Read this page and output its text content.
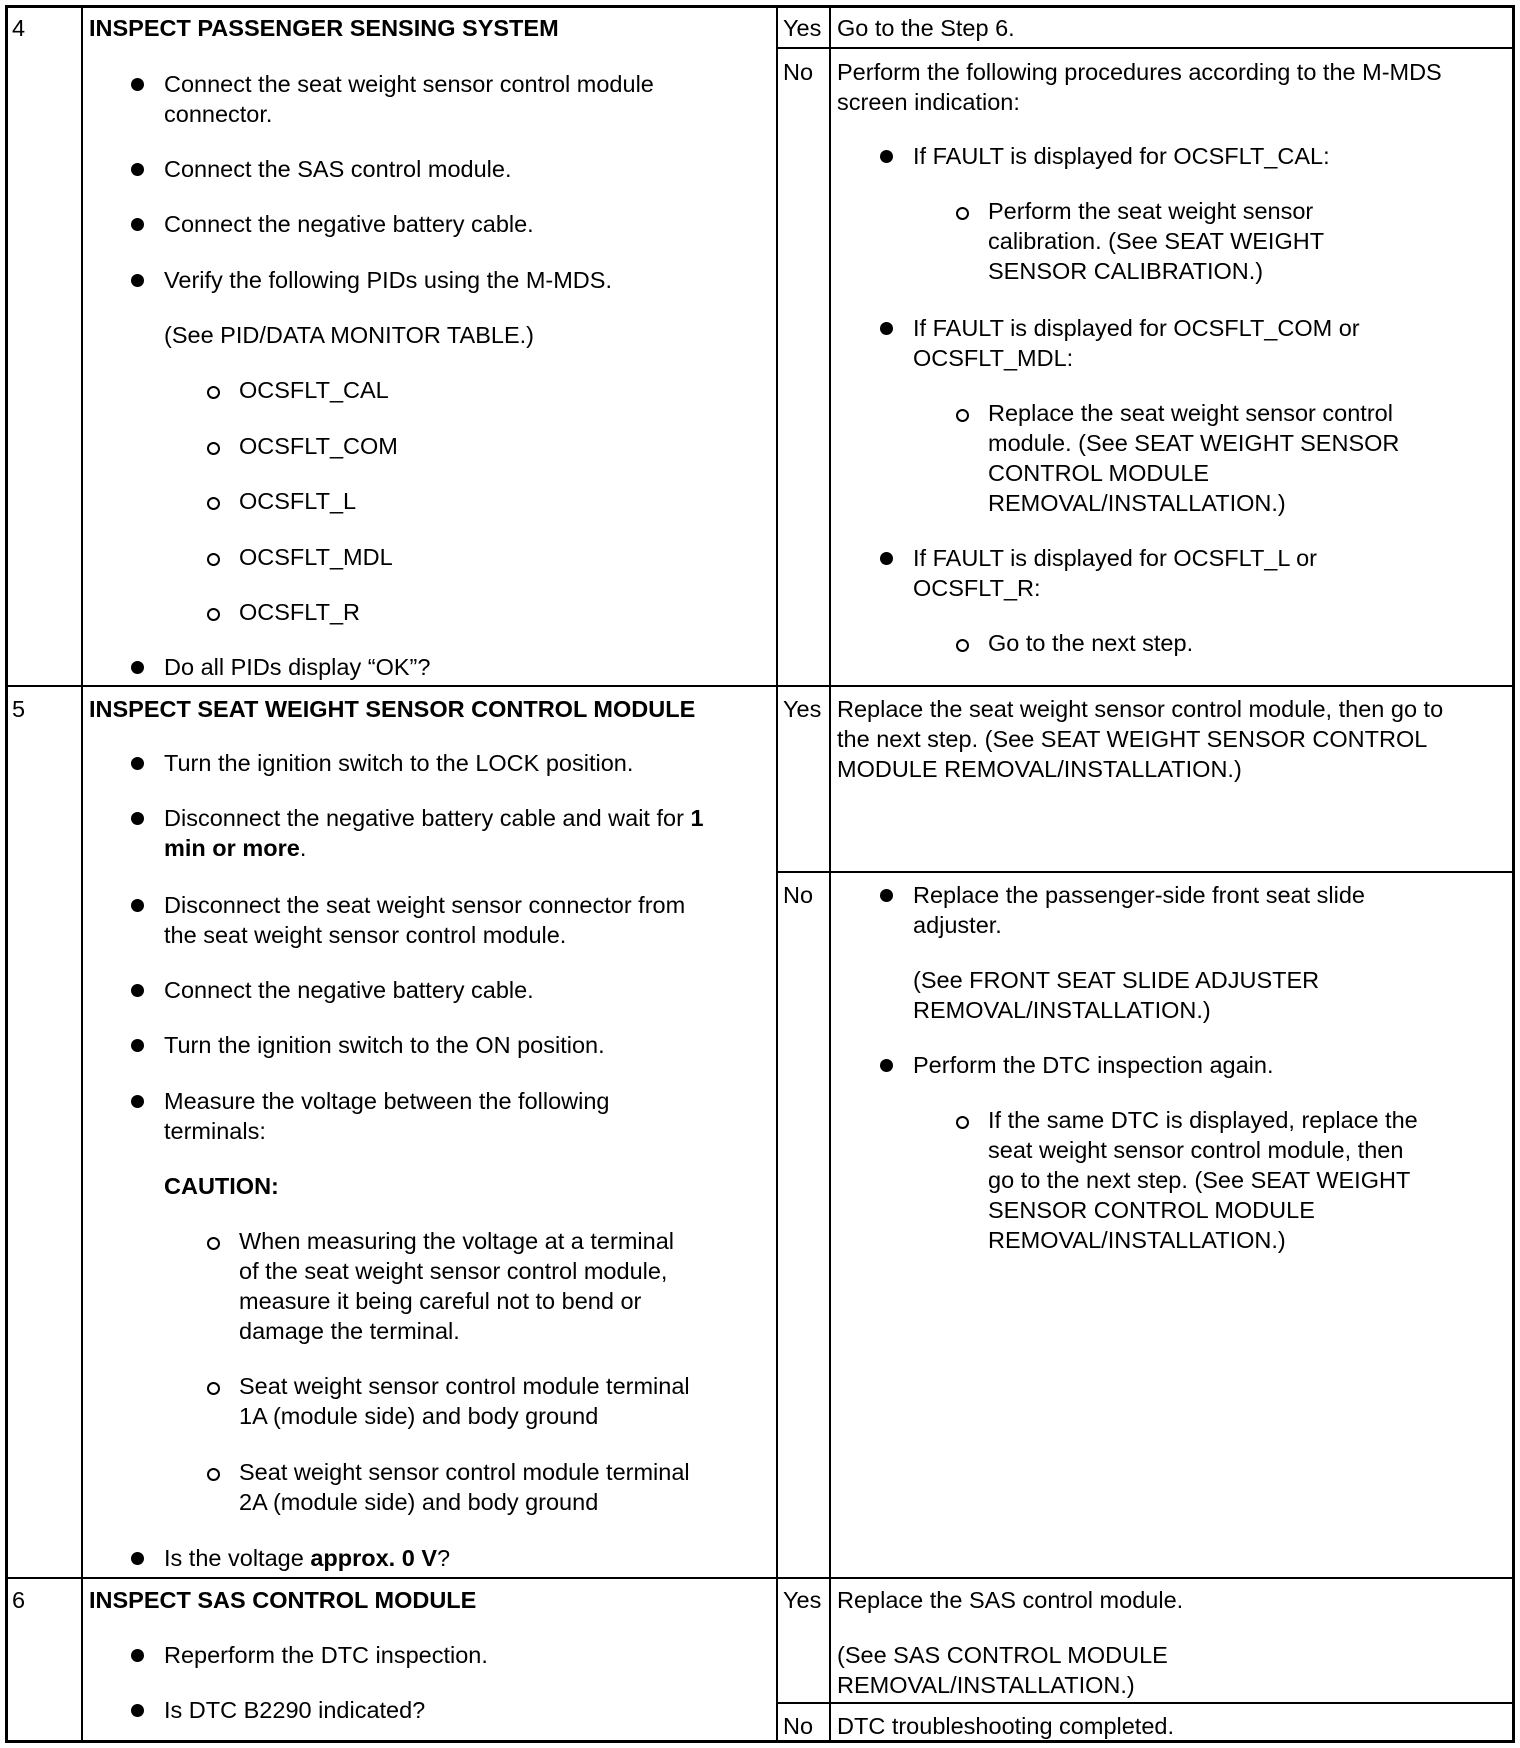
4	INSPECT PASSENGER SENSING SYSTEM
Connect the seat weight sensor control module
connector.
Connect the SAS control module.
Connect the negative battery cable.
Verify the following PIDs using the M-MDS.
(See PID/DATA MONITOR TABLE.)
OCSFLT_CAL
OCSFLT_COM
OCSFLT_L
OCSFLT_MDL
OCSFLT_R
Do all PIDs display “OK”?
Yes Go to the Step 6.
No Perform the following procedures according to the M-MDS
screen indication:
If FAULT is displayed for OCSFLT_CAL:
Perform the seat weight sensor
calibration. (See SEAT WEIGHT
SENSOR CALIBRATION.)
If FAULT is displayed for OCSFLT_COM or
OCSFLT_MDL:
Replace the seat weight sensor control
module. (See SEAT WEIGHT SENSOR
CONTROL MODULE
REMOVAL/INSTALLATION.)
If FAULT is displayed for OCSFLT_L or
OCSFLT_R:
Go to the next step.
5	INSPECT SEAT WEIGHT SENSOR CONTROL MODULE
Turn the ignition switch to the LOCK position.
Disconnect the negative battery cable and wait for 1
min or more.
Disconnect the seat weight sensor connector from
the seat weight sensor control module.
Connect the negative battery cable.
Turn the ignition switch to the ON position.
Measure the voltage between the following
terminals:
CAUTION:
When measuring the voltage at a terminal
of the seat weight sensor control module,
measure it being careful not to bend or
damage the terminal.
Seat weight sensor control module terminal
1A (module side) and body ground
Seat weight sensor control module terminal
2A (module side) and body ground
Is the voltage approx. 0 V?
Yes Replace the seat weight sensor control module, then go to
the next step. (See SEAT WEIGHT SENSOR CONTROL
MODULE REMOVAL/INSTALLATION.)
No	Replace the passenger-side front seat slide
adjuster.
(See FRONT SEAT SLIDE ADJUSTER
REMOVAL/INSTALLATION.)
Perform the DTC inspection again.
If the same DTC is displayed, replace the
seat weight sensor control module, then
go to the next step. (See SEAT WEIGHT
SENSOR CONTROL MODULE
REMOVAL/INSTALLATION.)
6	INSPECT SAS CONTROL MODULE
Reperform the DTC inspection.
Is DTC B2290 indicated?
Yes Replace the SAS control module.
(See SAS CONTROL MODULE
REMOVAL/INSTALLATION.)
No DTC troubleshooting completed.
